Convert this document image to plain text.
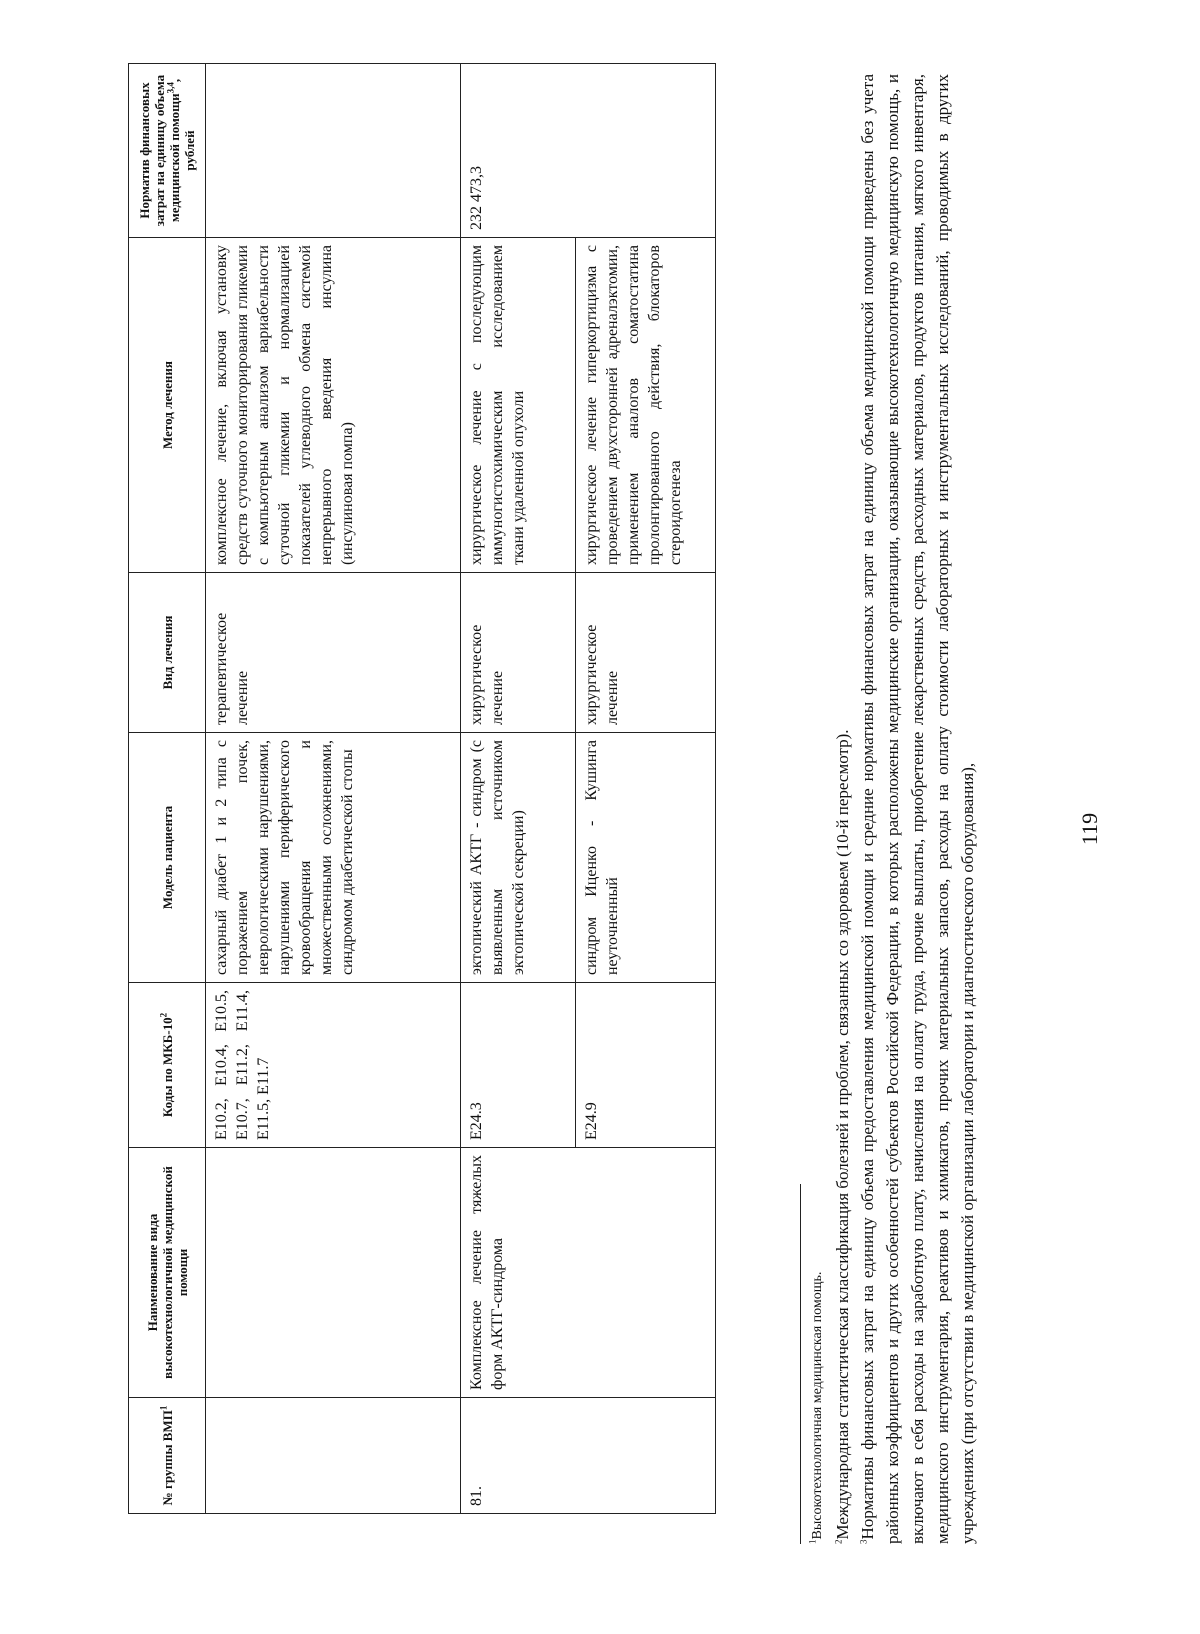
119
№ группы ВМП$^1$	Наименование вида высокотехнологичной медицинской помощи	Коды по МКБ-$10^2$	Модель пациента	Вид лечения	Метод лечения	Норматив финансовых затрат на единицу объема медицинской помощи$^{3,4}$, рублей
		E10.2, E10.4, E10.5, E10.7, E11.2, E11.4, E11.5, E11.7	сахарный диабет 1 и 2 типа с поражением почек, неврологическими нарушениями, нарушениями периферического кровообращения и множественными осложнениями, синдромом диабетической стопы	терапевтическое лечение	комплексное лечение, включая установку средств суточного мониторирования гликемии с компьютерным анализом вариабельности суточной гликемии и нормализацией показателей углеводного обмена системой непрерывного введения инсулина (инсулиновая помпа)	
81.	Комплексное лечение тяжелых форм АКТГ-синдрома	E24.3	эктопический АКТГ - синдром (с выявленным источником эктопической секреции)	хирургическое лечение	хирургическое лечение с последующим иммуногистохимическим исследованием ткани удаленной опухоли	232 473,3
		E24.9	синдром Иценко - Кушинга неуточненный	хирургическое лечение	хирургическое лечение гиперкортицизма с проведением двухсторонней адреналэктомии, применением аналогов соматостатина пролонгированного действия, блокаторов стероидогенеза	
$^1$Высокотехнологичная медицинская помощь.
$^2$Международная статистическая классификация болезней и проблем, связанных со здоровьем (10-й пересмотр).
$^3$Нормативы финансовых затрат на единицу объема предоставления медицинской помощи и средние нормативы финансовых затрат на единицу объема медицинской помощи приведены без учета районных коэффициентов и других особенностей субъектов Российской Федерации, в которых расположены медицинские организации, оказывающие высокотехнологичную медицинскую помощь, и включают в себя расходы на заработную плату, начисления на оплату труда, прочие выплаты, приобретение лекарственных средств, расходных материалов, продуктов питания, мягкого инвентаря, медицинского инструментария, реактивов и химикатов, прочих материальных запасов, расходы на оплату стоимости лабораторных и инструментальных исследований, проводимых в других учреждениях (при отсутствии в медицинской организации лаборатории и диагностического оборудования),
